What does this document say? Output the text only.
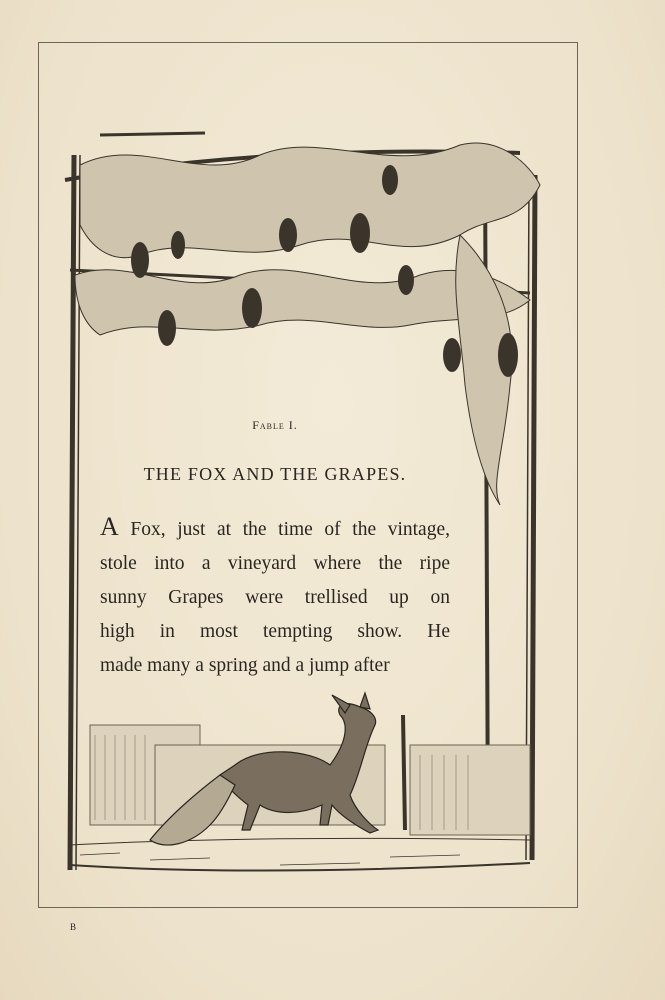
Fable I.
THE FOX AND THE GRAPES.
A Fox, just at the time of the vintage,
stole into a vineyard where the ripe
sunny Grapes were trellised up on
high in most tempting show. He
made many a spring and a jump after
B
